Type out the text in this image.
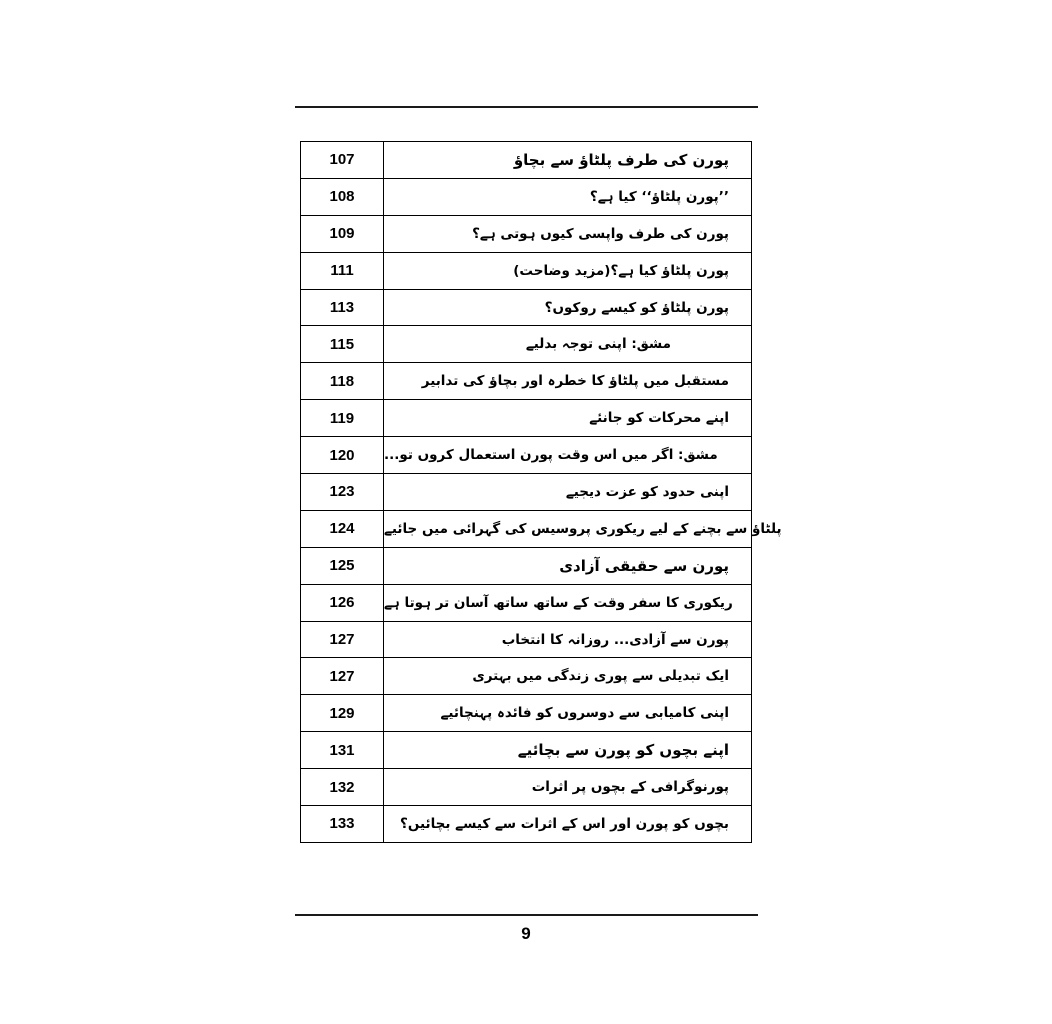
107	پورن کی طرف پلٹاؤ سے بچاؤ
108	’’پورن پلٹاؤ‘‘ کیا ہے؟
109	پورن کی طرف واپسی کیوں ہوتی ہے؟
111	پورن پلٹاؤ کیا ہے؟(مزید وضاحت)
113	پورن پلٹاؤ کو کیسے روکوں؟
115	مشق: اپنی توجہ بدلیے
118	مستقبل میں پلٹاؤ کا خطرہ اور بچاؤ کی تدابیر
119	اپنے محرکات کو جانئے
120	مشق: اگر میں اس وقت پورن استعمال کروں تو...
123	اپنی حدود کو عزت دیجیے
124	پلٹاؤ سے بچنے کے لیے ریکوری پروسیس کی گہرائی میں جائیے
125	پورن سے حقیقی آزادی
126	ریکوری کا سفر وقت کے ساتھ ساتھ آسان تر ہوتا ہے
127	پورن سے آزادی... روزانہ کا انتخاب
127	ایک تبدیلی سے پوری زندگی میں بہتری
129	اپنی کامیابی سے دوسروں کو فائدہ پہنچائیے
131	اپنے بچوں کو پورن سے بچائیے
132	پورنوگرافی کے بچوں پر اثرات
133	بچوں کو پورن اور اس کے اثرات سے کیسے بچائیں؟
9
